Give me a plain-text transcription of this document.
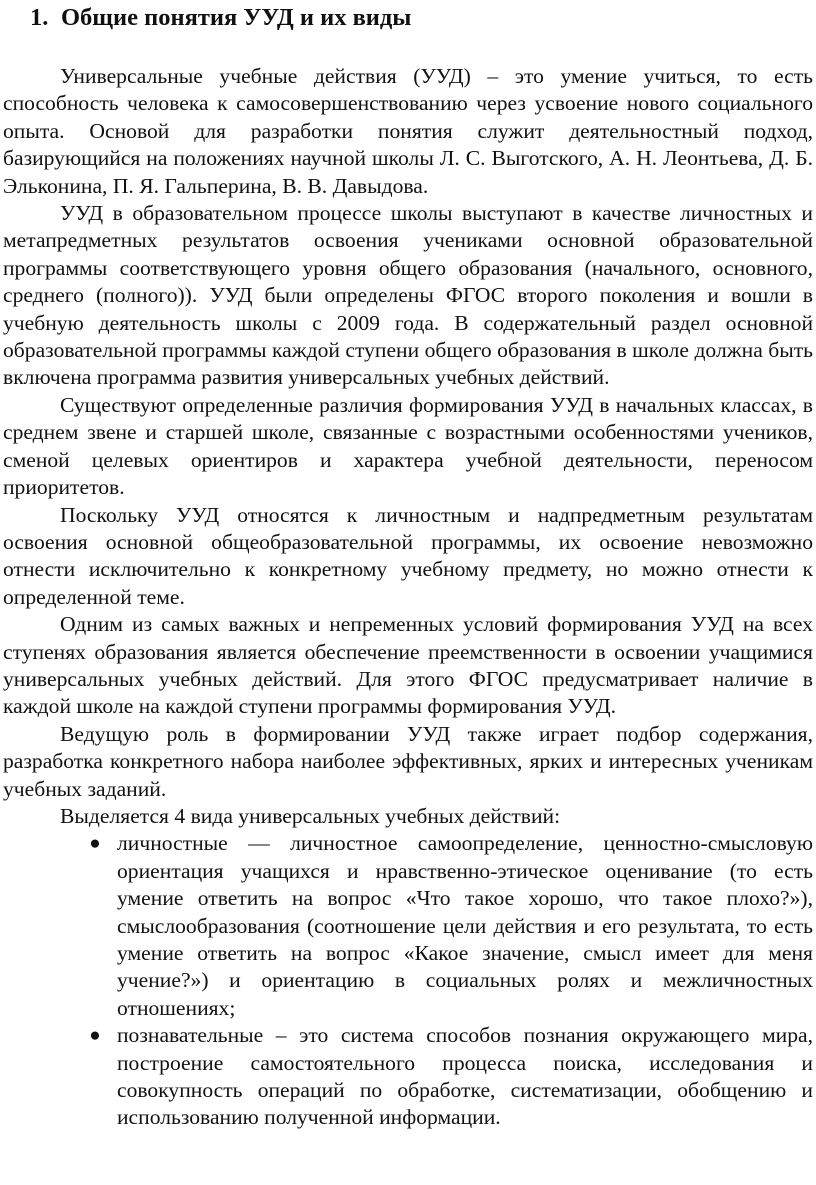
1. Общие понятия УУД и их виды

Универсальные учебные действия (УУД) – это умение учиться, то есть способность человека к самосовершенствованию через усвоение нового социального опыта. Основой для разработки понятия служит деятельностный подход, базирующийся на положениях научной школы Л. С. Выготского, А. Н. Леонтьева, Д. Б. Эльконина, П. Я. Гальперина, В. В. Давыдова.

УУД в образовательном процессе школы выступают в качестве личностных и метапредметных результатов освоения учениками основной образовательной программы соответствующего уровня общего образования (начального, основного, среднего (полного)). УУД были определены ФГОС второго поколения и вошли в учебную деятельность школы с 2009 года. В содержательный раздел основной образовательной программы каждой ступени общего образования в школе должна быть включена программа развития универсальных учебных действий.

Существуют определенные различия формирования УУД в начальных классах, в среднем звене и старшей школе, связанные с возрастными особенностями учеников, сменой целевых ориентиров и характера учебной деятельности, переносом приоритетов.

Поскольку УУД относятся к личностным и надпредметным результатам освоения основной общеобразовательной программы, их освоение невозможно отнести исключительно к конкретному учебному предмету, но можно отнести к определенной теме.

Одним из самых важных и непременных условий формирования УУД на всех ступенях образования является обеспечение преемственности в освоении учащимися универсальных учебных действий. Для этого ФГОС предусматривает наличие в каждой школе на каждой ступени программы формирования УУД.

Ведущую роль в формировании УУД также играет подбор содержания, разработка конкретного набора наиболее эффективных, ярких и интересных ученикам учебных заданий.

Выделяется 4 вида универсальных учебных действий:

● личностные — личностное самоопределение, ценностно-смысловую ориентация учащихся и нравственно-этическое оценивание (то есть умение ответить на вопрос «Что такое хорошо, что такое плохо?»), смыслообразования (соотношение цели действия и его результата, то есть умение ответить на вопрос «Какое значение, смысл имеет для меня учение?») и ориентацию в социальных ролях и межличностных отношениях;
● познавательные – это система способов познания окружающего мира, построение самостоятельного процесса поиска, исследования и совокупность операций по обработке, систематизации, обобщению и использованию полученной информации.
